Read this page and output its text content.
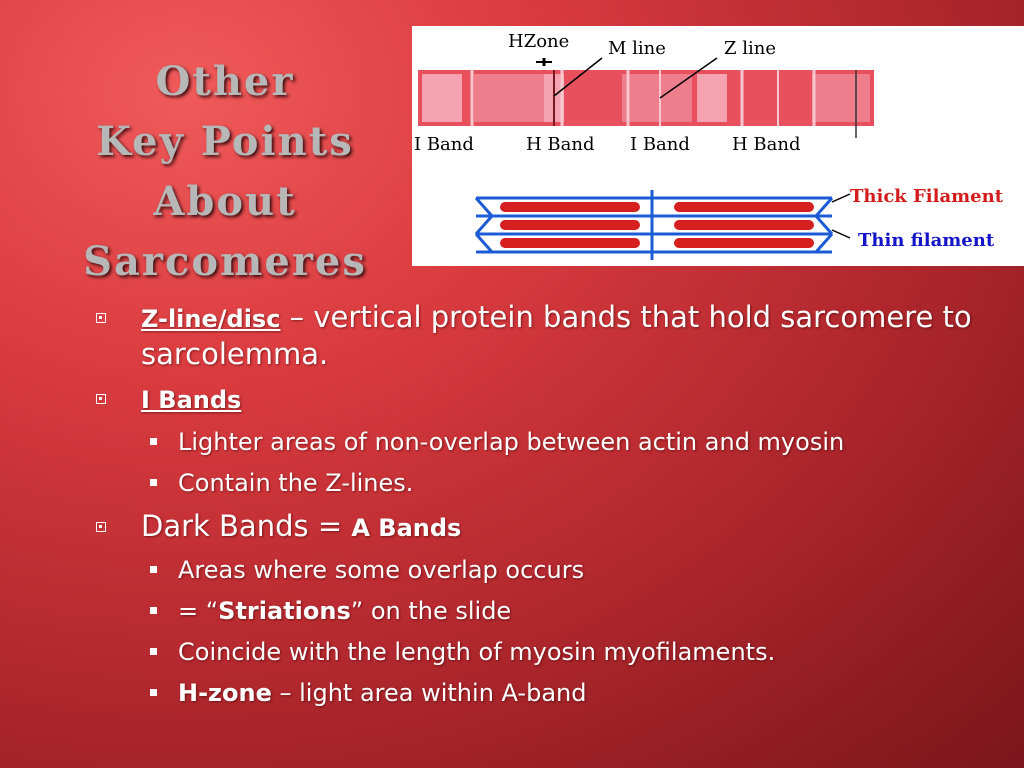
Other
Key Points
About
Sarcomeres
HZone M line	Z line
I Band	H Band I Band H Band
Thick Filament
Thin filament
Z-line/disc – vertical protein bands that hold sarcomere to sarcolemma.
I Bands
Lighter areas of non-overlap between actin and myosin
Contain the Z-lines.
Dark Bands = A Bands
Areas where some overlap occurs
= “Striations” on the slide
Coincide with the length of myosin myofilaments.
H-zone – light area within A-band
